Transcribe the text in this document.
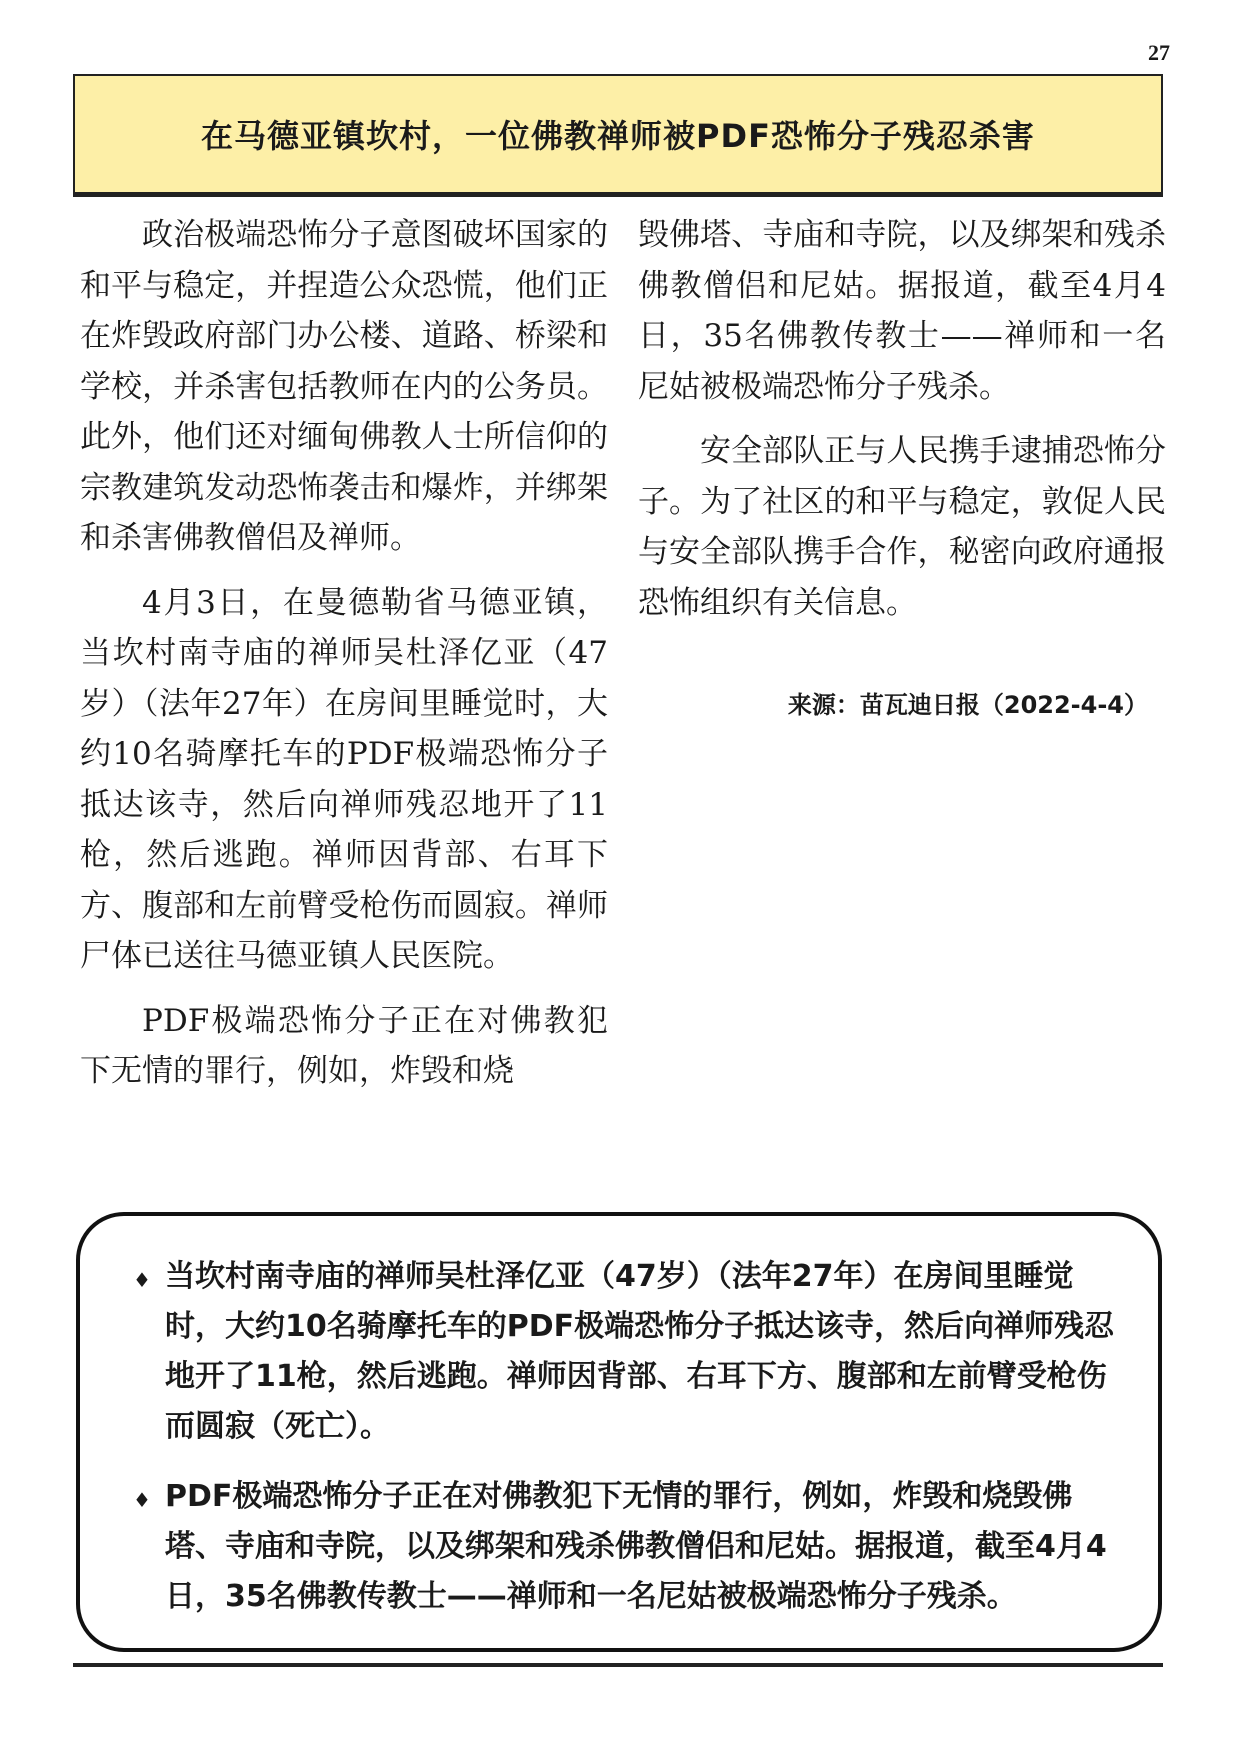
27
在马德亚镇坎村，一位佛教禅师被PDF恐怖分子残忍杀害

政治极端恐怖分子意图破坏国家的和平与稳定，并捏造公众恐慌，他们正在炸毁政府部门办公楼、道路、桥梁和学校，并杀害包括教师在内的公务员。此外，他们还对缅甸佛教人士所信仰的宗教建筑发动恐怖袭击和爆炸，并绑架和杀害佛教僧侣及禅师。

4月3日，在曼德勒省马德亚镇，当坎村南寺庙的禅师吴杜泽亿亚（47岁）（法年27年）在房间里睡觉时，大约10名骑摩托车的PDF极端恐怖分子抵达该寺，然后向禅师残忍地开了11枪，然后逃跑。禅师因背部、右耳下方、腹部和左前臂受枪伤而圆寂。禅师尸体已送往马德亚镇人民医院。

PDF极端恐怖分子正在对佛教犯下无情的罪行，例如，炸毁和烧

毁佛塔、寺庙和寺院，以及绑架和残杀佛教僧侣和尼姑。据报道，截至4月4日，35名佛教传教士——禅师和一名尼姑被极端恐怖分子残杀。

安全部队正与人民携手逮捕恐怖分子。为了社区的和平与稳定，敦促人民与安全部队携手合作，秘密向政府通报恐怖组织有关信息。

来源：苗瓦迪日报（2022-4-4）

♦ 当坎村南寺庙的禅师吴杜泽亿亚（47岁）（法年27年）在房间里睡觉时，大约10名骑摩托车的PDF极端恐怖分子抵达该寺，然后向禅师残忍地开了11枪，然后逃跑。禅师因背部、右耳下方、腹部和左前臂受枪伤而圆寂（死亡）。
♦ PDF极端恐怖分子正在对佛教犯下无情的罪行，例如，炸毁和烧毁佛塔、寺庙和寺院，以及绑架和残杀佛教僧侣和尼姑。据报道，截至4月4日，35名佛教传教士——禅师和一名尼姑被极端恐怖分子残杀。
